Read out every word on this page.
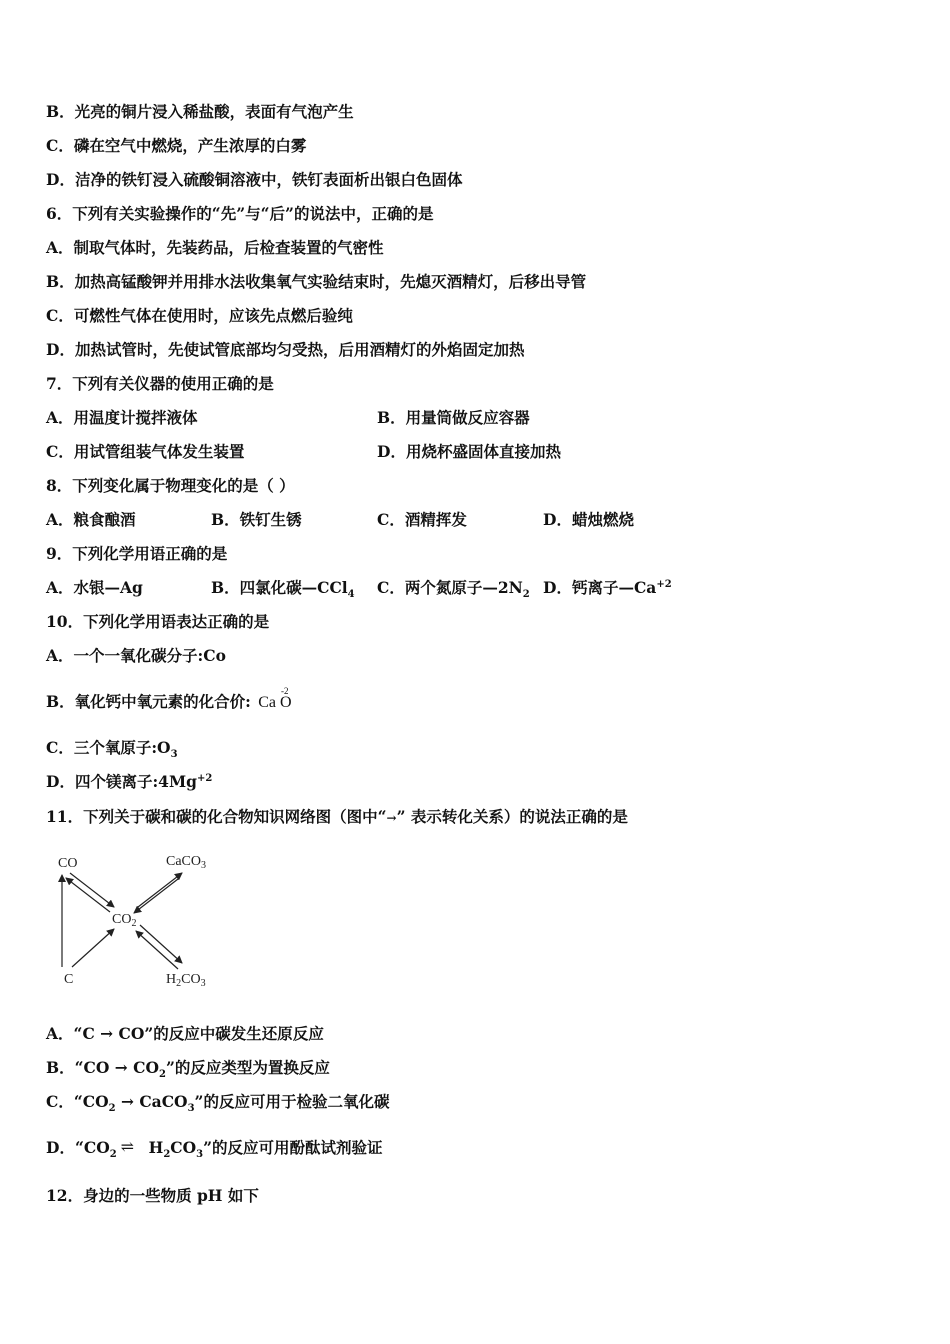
B．光亮的铜片浸入稀盐酸，表面有气泡产生
C．磷在空气中燃烧，产生浓厚的白雾
D．洁净的铁钉浸入硫酸铜溶液中，铁钉表面析出银白色固体
6．下列有关实验操作的“先”与“后”的说法中，正确的是
A．制取气体时，先装药品，后检查装置的气密性
B．加热高锰酸钾并用排水法收集氧气实验结束时，先熄灭酒精灯，后移出导管
C．可燃性气体在使用时，应该先点燃后验纯
D．加热试管时，先使试管底部均匀受热，后用酒精灯的外焰固定加热
7．下列有关仪器的使用正确的是
A．用温度计搅拌液体	B．用量筒做反应容器
C．用试管组装气体发生装置	D．用烧杯盛固体直接加热
8．下列变化属于物理变化的是（ ）
A．粮食酿酒	B．铁钉生锈	C．酒精挥发	D．蜡烛燃烧
9．下列化学用语正确的是
A．水银—Ag	B．四氯化碳—CCl$_4$ C．两个氮原子$—2N_2$ D．钙离子$—Ca^{+2}$
10．下列化学用语表达正确的是
A．一个一氧化碳分子:Co
B．氧化钙中氧元素的化合价: Ca
-2
O
C．三个氧原子$:O_3$
D．四个镁离子$:4Mg^{+2}$
11．下列关于碳和碳的化合物知识网络图（图中“→” 表示转化关系）的说法正确的是
CO	CaCO$_3$
$CO_2$
C	$H_2CO_3$
A．“C → CO”的反应中碳发生还原反应
B．“CO → $CO_2$”的反应类型为置换反应
C．“$CO_2$ → CaCO$_3$”的反应可用于检验二氧化碳
D．“$CO_2$ ⇌ $H_2CO_3$”的反应可用酚酞试剂验证
12．身边的一些物质 pH 如下
